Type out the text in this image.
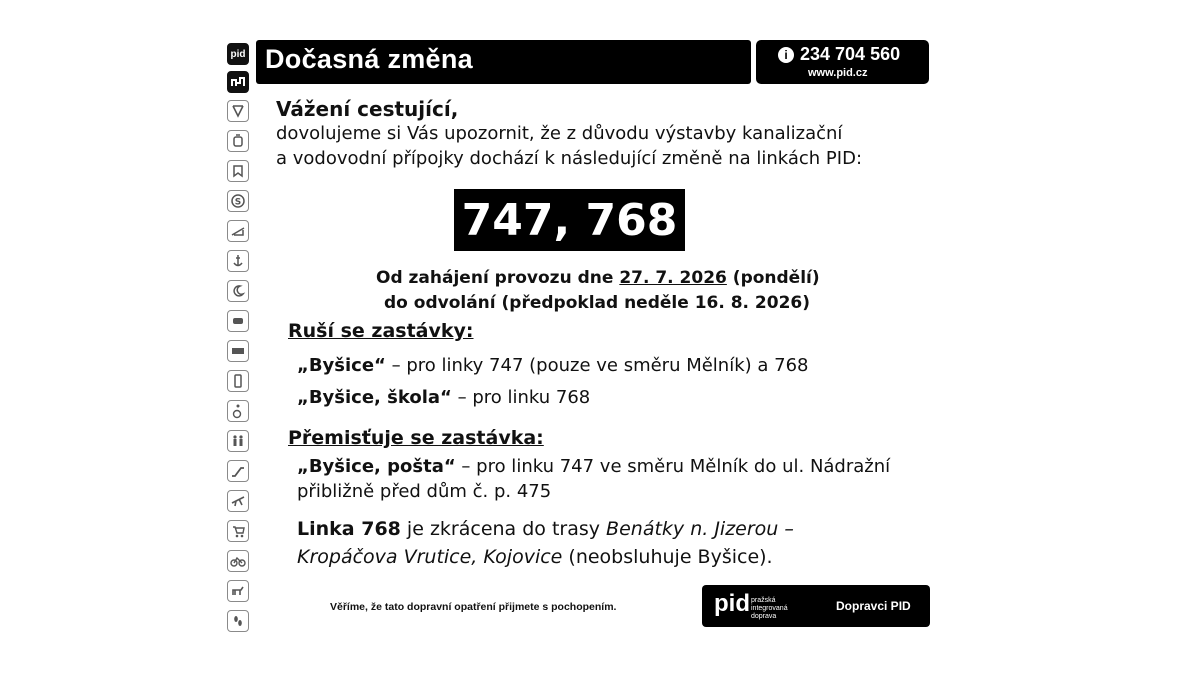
pid
S
Dočasná změna	i 234 704 560
www.pid.cz
Vážení cestující,
dovolujeme si Vás upozornit, že z důvodu výstavby kanalizační
a vodovodní přípojky dochází k následující změně na linkách PID:
747, 768
Od zahájení provozu dne 27. 7. 2026 (pondělí)
do odvolání (předpoklad neděle 16. 8. 2026)
Ruší se zastávky:
„Byšice“ – pro linky 747 (pouze ve směru Mělník) a 768
„Byšice, škola“ – pro linku 768
Přemisťuje se zastávka:
„Byšice, pošta“ – pro linku 747 ve směru Mělník do ul. Nádražní
přibližně před dům č. p. 475
Linka 768 je zkrácena do trasy Benátky n. Jizerou –
Kropáčova Vrutice, Kojovice (neobsluhuje Byšice).
Věříme, že tato dopravní opatření přijmete s pochopením.	pid pražská integrovaná doprava
Dopravci PID
